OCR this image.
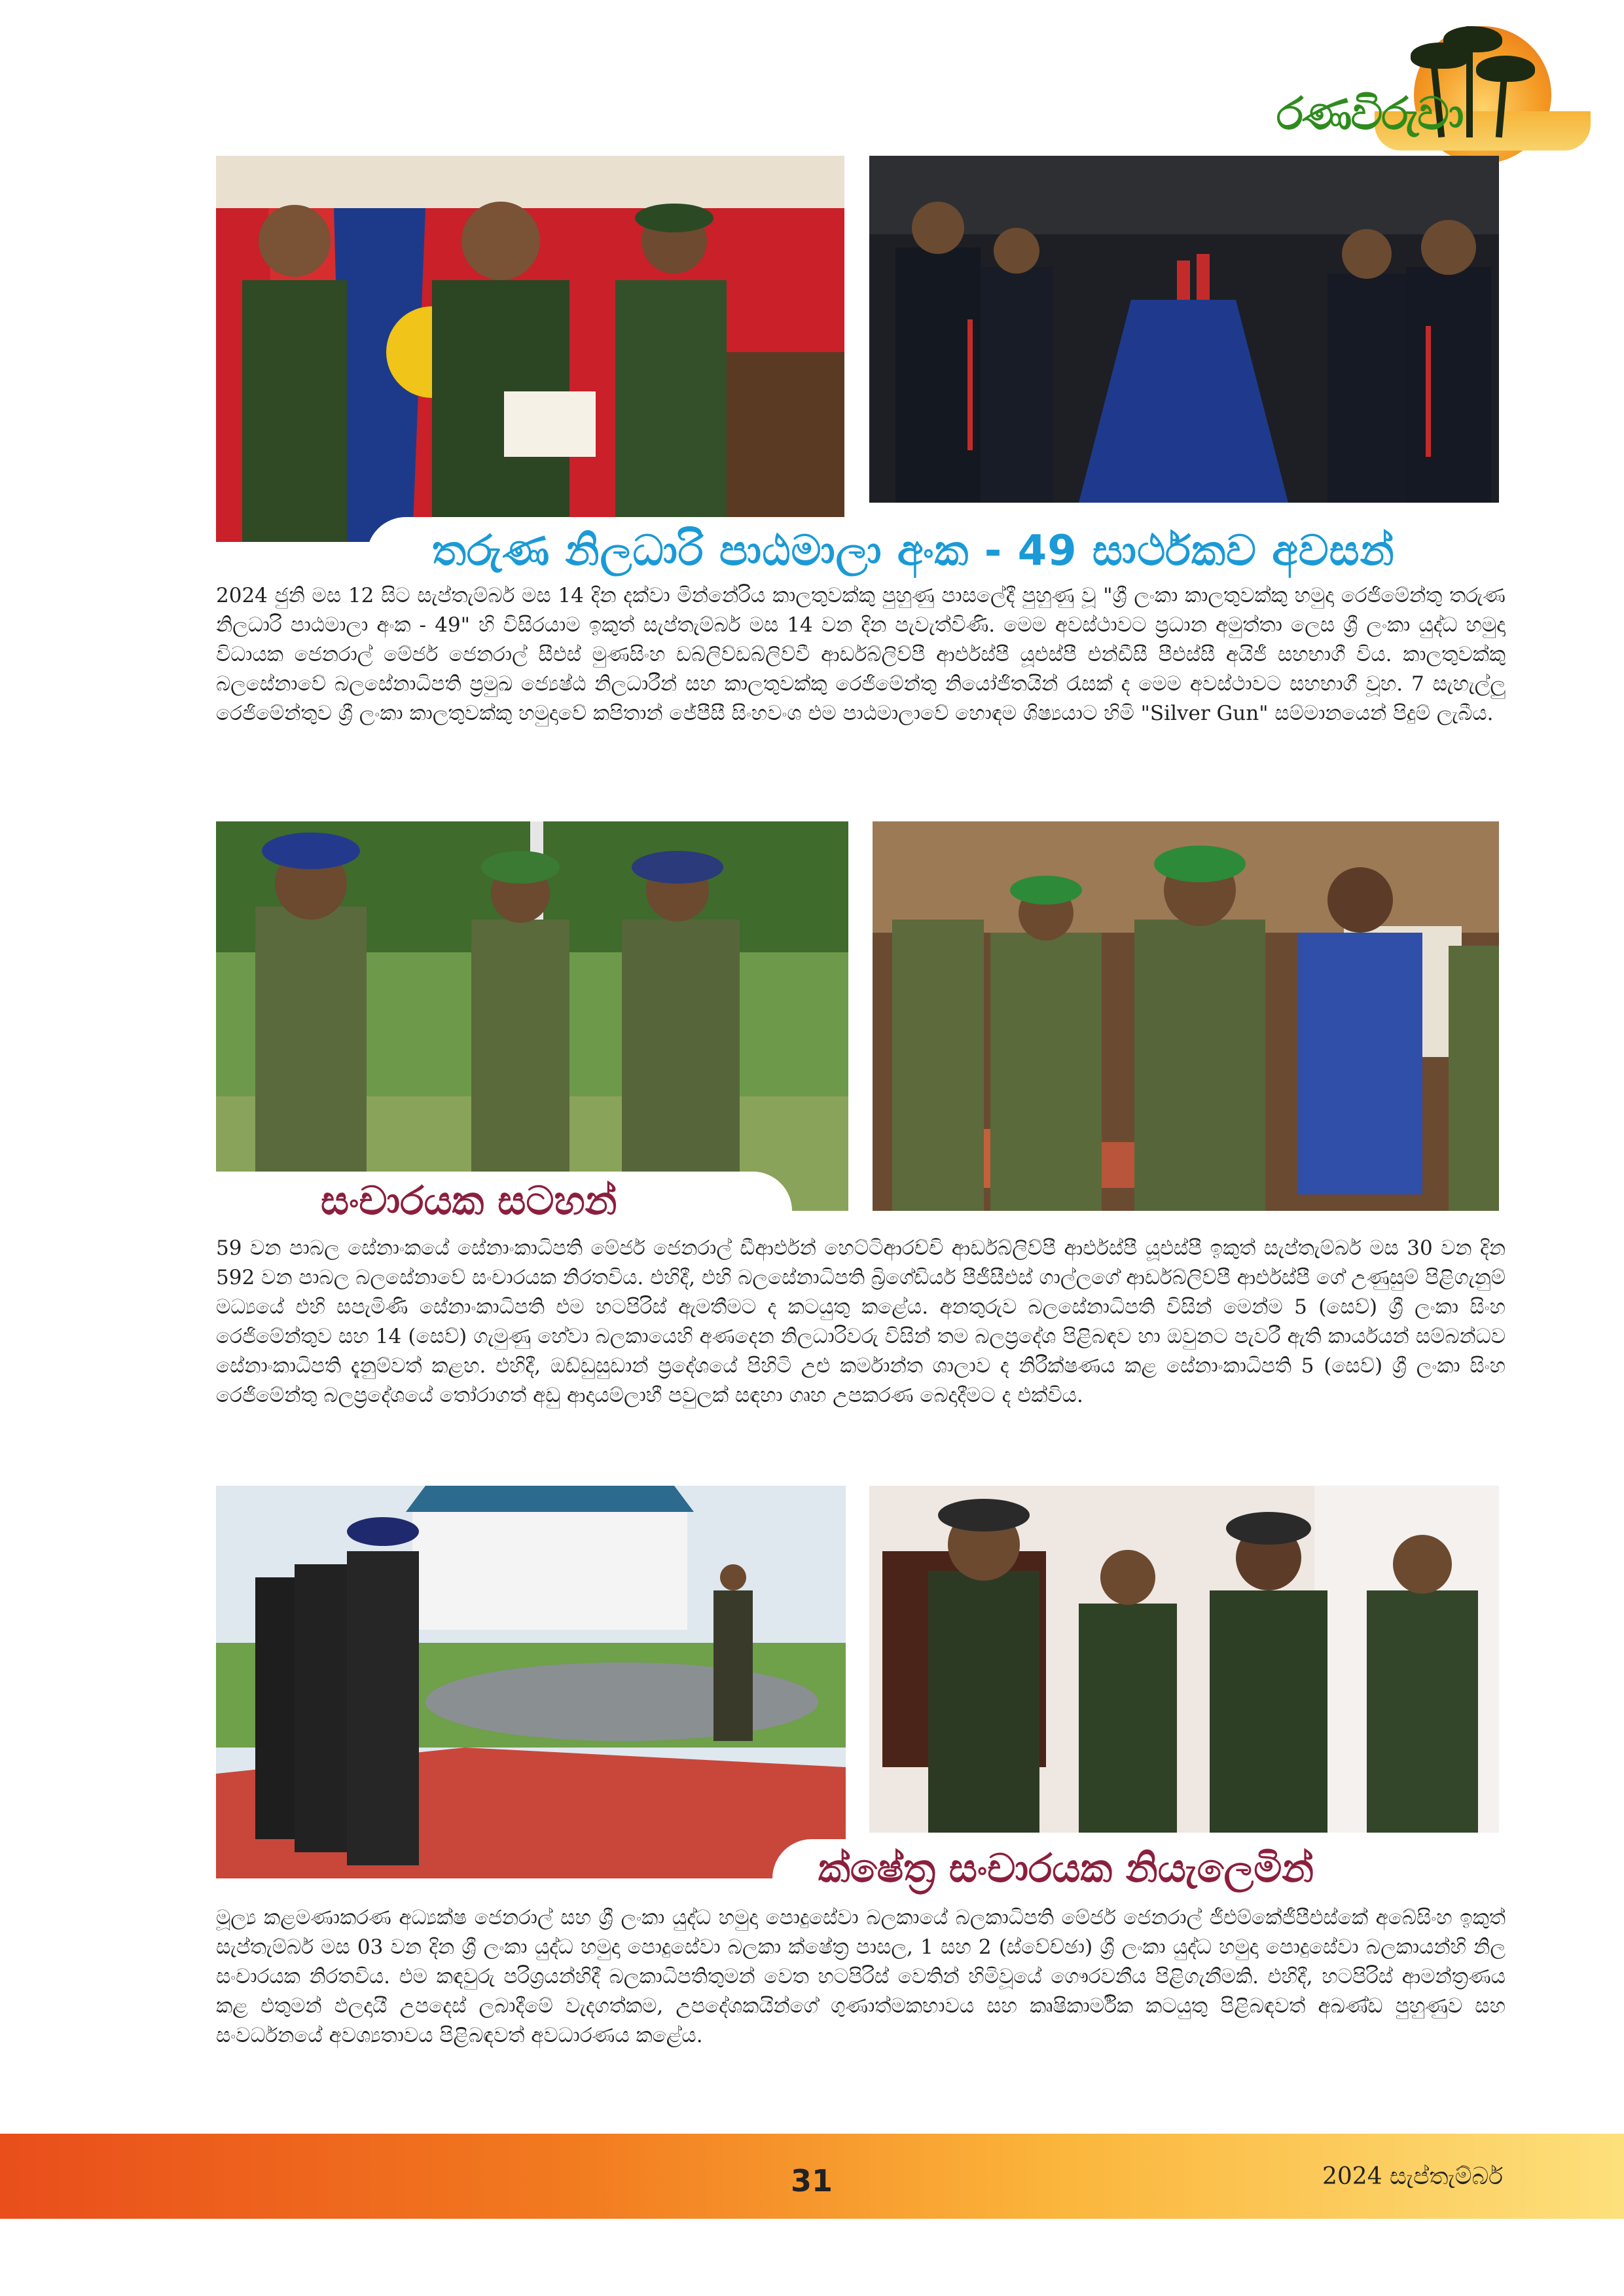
රණවිරුවා
තරුණ නිලධාරි පාඨමාලා අංක - 49 සාර්ථකව අවසන්
2024 ජුනි මස 12 සිට සැප්තැම්බර් මස 14 දින දක්වා මින්නේරිය කාලතුවක්කු පුහුණු පාසලේදී පුහුණු වූ "ශ්‍රී ලංකා කාලතුවක්කු හමුදා රෙජිමේන්තු තරුණ නිලධාරි පාඨමාලා අංක - 49" හි විසිරයාම ඉකුත් සැප්තැම්බර් මස 14 වන දින පැවැත්විණි. මෙම අවස්ථාවට ප්‍රධාන අමුත්තා ලෙස ශ්‍රී ලංකා යුද්ධ හමුදා විධායක ජෙනරාල් මේජර් ජෙනරාල් සීඑස් මුණසිංහ ඩබ්ලිව්ඩබ්ලිව්වී ආර්ඩබ්ලිව්පී ආර්එස්පී යූඑස්පී එන්ඩීසී පීඑස්සී අයිජී සහභාගී විය. කාලතුවක්කු බලසේනාවේ බලසේනාධිපති ප්‍රමුඛ ජ්‍යෙෂ්ඨ නිලධාරීන් සහ කාලතුවක්කු රෙජිමේන්තු නියෝජිතයින් රැසක් ද මෙම අවස්ථාවට සහභාගී වූහ. 7 සැහැල්ලු රෙජිමේන්තුව ශ්‍රී ලංකා කාලතුවක්කු හමුදාවේ කපිතාන් ජේපීසී සිංහවංශ එම පාඨමාලාවේ හොඳම ශිෂ්‍යයාට හිමි "Silver Gun" සම්මානයෙන් පිදුම් ලැබීය.
සංචාරයක සටහන්
59 වන පාබල සේනාංකයේ සේනාංකාධිපති මේජර් ජෙනරාල් ඩීආර්එන් හෙට්ටිආරච්චි ආර්ඩබ්ලිව්පී ආර්එස්පී යූඑස්පී ඉකුත් සැප්තැම්බර් මස 30 වන දින 592 වන පාබල බලසේනාවේ සංචාරයක නිරතවිය. එහිදී, එහි බලසේනාධිපති බ්‍රිගේඩියර් පීජීසීඑස් ගාල්ලගේ ආර්ඩබ්ලිව්පී ආර්එස්පී ගේ උණුසුම් පිළිගැනුම් මධ්‍යයේ එහි සපැමිණි සේනාංකාධිපති එම හටපිරිස් ඇමතීමට ද කටයුතු කළේය. අනතුරුව බලසේනාධිපති විසින් මෙන්ම 5 (සෙව්) ශ්‍රී ලංකා සිංහ රෙජිමේන්තුව සහ 14 (සෙව්) ගැමුණු හේවා බලකායෙහි අණදෙන නිලධාරිවරු විසින් තම බලප්‍රදේශ පිළිබඳව හා ඔවුනට පැවරී ඇති කාර්යයන් සම්බන්ධව සේනාංකාධිපති දැනුම්වත් කළහ. එහිදී, ඔඩ්ඩුසුඩාන් ප්‍රදේශයේ පිහිටි උළු කර්මාන්ත ශාලාව ද නිරීක්ෂණය කළ සේනාංකාධිපති 5 (සෙව්) ශ්‍රී ලංකා සිංහ රෙජිමේන්තු බලප්‍රදේශයේ තෝරාගත් අඩු ආදායම්ලාභී පවුලක් සඳහා ගෘහ උපකරණ බෙදාදීමට ද එක්විය.
ක්ෂේත්‍ර සංචාරයක නියැලෙමින්
මූල්‍ය කළමණාකරණ අධ්‍යක්ෂ ජෙනරාල් සහ ශ්‍රී ලංකා යුද්ධ හමුදා පොදුසේවා බලකායේ බලකාධිපති මේජර් ජෙනරාල් ජීඑම්කේජීපීඑස්කේ අබේසිංහ ඉකුත් සැප්තැම්බර් මස 03 වන දින ශ්‍රී ලංකා යුද්ධ හමුදා පොදුසේවා බලකා ක්ෂේත්‍ර පාසල, 1 සහ 2 (ස්වේච්ඡා) ශ්‍රී ලංකා යුද්ධ හමුදා පොදුසේවා බලකායන්හි නිල සංචාරයක නිරතවිය. එම කඳවුරු පරිශ්‍රයන්හිදී බලකාධිපතිතුමන් වෙත හටපිරිස් වෙතින් හිමිවූයේ ගෞරවනීය පිළිගැනීමකි. එහිදී, හටපිරිස් ආමන්ත්‍රණය කළ එතුමන් ඵලදායී උපදෙස් ලබාදීමේ වැදගත්කම, උපදේශකයින්ගේ ගුණාත්මකභාවය සහ කෘෂිකාර්මික කටයුතු පිළිබඳවත් අඛණ්ඩ පුහුණුව සහ සංවර්ධනයේ අවශ්‍යතාවය පිළිබඳවත් අවධාරණය කළේය.
31	2024 සැප්තැම්බර්
